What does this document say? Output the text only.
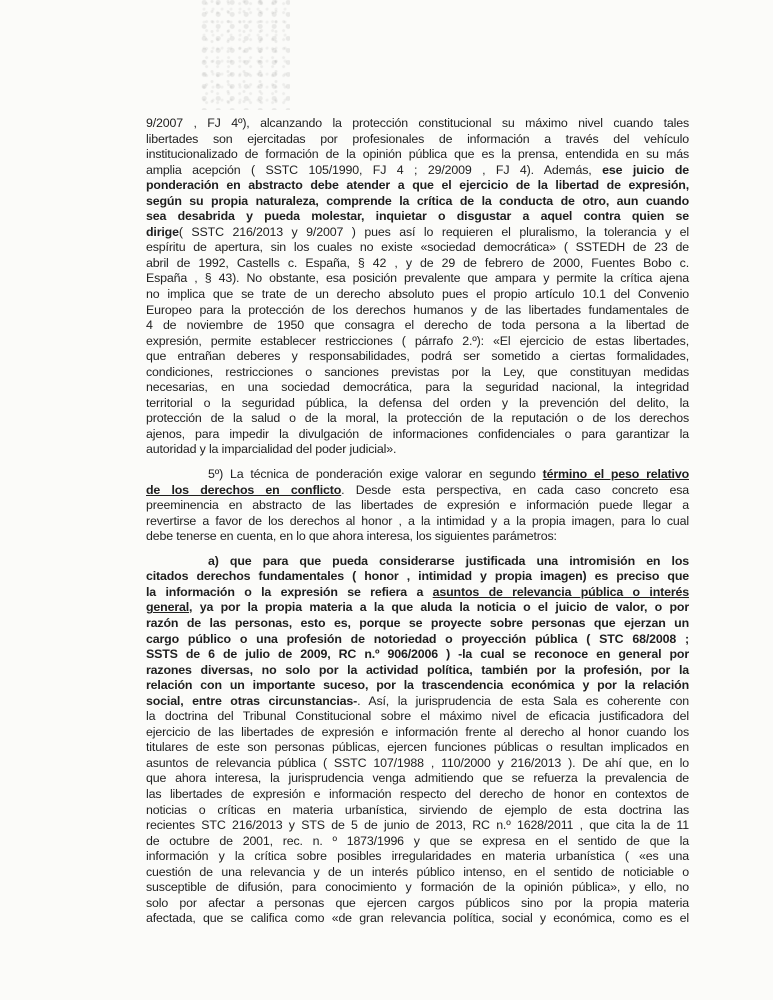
9/2007 , FJ 4º), alcanzando la protección constitucional su máximo nivel cuando tales
libertades son ejercitadas por profesionales de información a través del vehículo
institucionalizado de formación de la opinión pública que es la prensa, entendida en su más
amplia acepción ( SSTC 105/1990, FJ 4 ; 29/2009 , FJ 4). Además, ese juicio de
ponderación en abstracto debe atender a que el ejercicio de la libertad de expresión,
según su propia naturaleza, comprende la crítica de la conducta de otro, aun cuando
sea desabrida y pueda molestar, inquietar o disgustar a aquel contra quien se
dirige( SSTC 216/2013 y 9/2007 ) pues así lo requieren el pluralismo, la tolerancia y el
espíritu de apertura, sin los cuales no existe «sociedad democrática» ( SSTEDH de 23 de
abril de 1992, Castells c. España, § 42 , y de 29 de febrero de 2000, Fuentes Bobo c.
España , § 43). No obstante, esa posición prevalente que ampara y permite la crítica ajena
no implica que se trate de un derecho absoluto pues el propio artículo 10.1 del Convenio
Europeo para la protección de los derechos humanos y de las libertades fundamentales de
4 de noviembre de 1950 que consagra el derecho de toda persona a la libertad de
expresión, permite establecer restricciones ( párrafo 2.º): «El ejercicio de estas libertades,
que entrañan deberes y responsabilidades, podrá ser sometido a ciertas formalidades,
condiciones, restricciones o sanciones previstas por la Ley, que constituyan medidas
necesarias, en una sociedad democrática, para la seguridad nacional, la integridad
territorial o la seguridad pública, la defensa del orden y la prevención del delito, la
protección de la salud o de la moral, la protección de la reputación o de los derechos
ajenos, para impedir la divulgación de informaciones confidenciales o para garantizar la
autoridad y la imparcialidad del poder judicial».

5º) La técnica de ponderación exige valorar en segundo término el peso relativo
de los derechos en conflicto. Desde esta perspectiva, en cada caso concreto esa
preeminencia en abstracto de las libertades de expresión e información puede llegar a
revertirse a favor de los derechos al honor , a la intimidad y a la propia imagen, para lo cual
debe tenerse en cuenta, en lo que ahora interesa, los siguientes parámetros:

a) que para que pueda considerarse justificada una intromisión en los
citados derechos fundamentales ( honor , intimidad y propia imagen) es preciso que
la información o la expresión se refiera a asuntos de relevancia pública o interés
general, ya por la propia materia a la que aluda la noticia o el juicio de valor, o por
razón de las personas, esto es, porque se proyecte sobre personas que ejerzan un
cargo público o una profesión de notoriedad o proyección pública ( STC 68/2008 ;
SSTS de 6 de julio de 2009, RC n.º 906/2006 ) -la cual se reconoce en general por
razones diversas, no solo por la actividad política, también por la profesión, por la
relación con un importante suceso, por la trascendencia económica y por la relación
social, entre otras circunstancias-. Así, la jurisprudencia de esta Sala es coherente con
la doctrina del Tribunal Constitucional sobre el máximo nivel de eficacia justificadora del
ejercicio de las libertades de expresión e información frente al derecho al honor cuando los
titulares de este son personas públicas, ejercen funciones públicas o resultan implicados en
asuntos de relevancia pública ( SSTC 107/1988 , 110/2000 y 216/2013 ). De ahí que, en lo
que ahora interesa, la jurisprudencia venga admitiendo que se refuerza la prevalencia de
las libertades de expresión e información respecto del derecho de honor en contextos de
noticias o críticas en materia urbanística, sirviendo de ejemplo de esta doctrina las
recientes STC 216/2013 y STS de 5 de junio de 2013, RC n.º 1628/2011 , que cita la de 11
de octubre de 2001, rec. n. º 1873/1996 y que se expresa en el sentido de que la
información y la crítica sobre posibles irregularidades en materia urbanística ( «es una
cuestión de una relevancia y de un interés público intenso, en el sentido de noticiable o
susceptible de difusión, para conocimiento y formación de la opinión pública», y ello, no
solo por afectar a personas que ejercen cargos públicos sino por la propia materia
afectada, que se califica como «de gran relevancia política, social y económica, como es el
